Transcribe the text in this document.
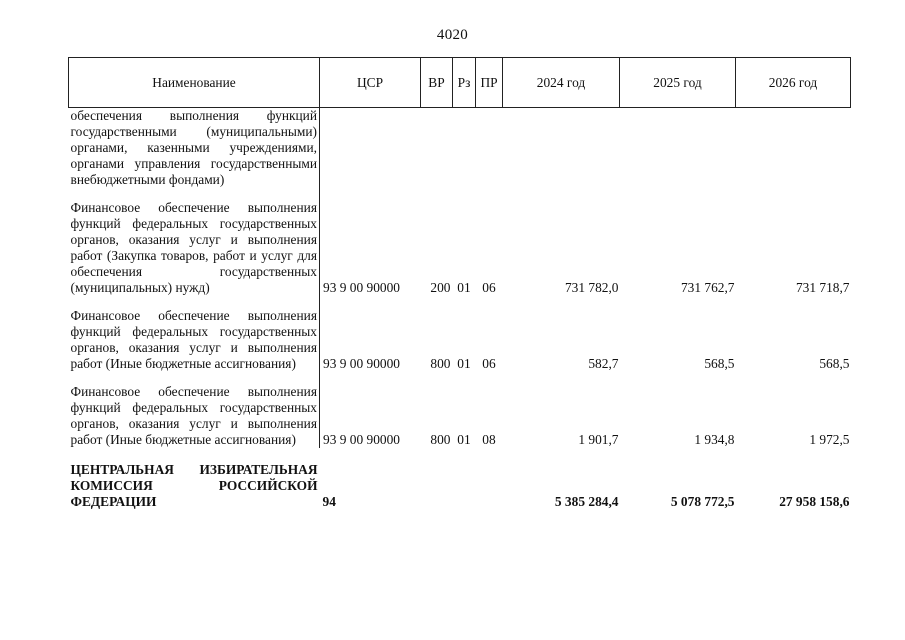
4020
Наименование	ЦСР	ВР	Рз	ПР	2024 год	2025 год	2026 год
обеспечения выполнения функций государственными (муниципальными) органами, казенными учреждениями, органами управления государственными внебюджетными фондами)							
Финансовое обеспечение выполнения функций федеральных государственных органов, оказания услуг и выполнения работ (Закупка товаров, работ и услуг для обеспечения государственных (муниципальных) нужд)	93 9 00 90000	200	01	06	731 782,0	731 762,7	731 718,7
Финансовое обеспечение выполнения функций федеральных государственных органов, оказания услуг и выполнения работ (Иные бюджетные ассигнования)	93 9 00 90000	800	01	06	582,7	568,5	568,5
Финансовое обеспечение выполнения функций федеральных государственных органов, оказания услуг и выполнения работ (Иные бюджетные ассигнования)	93 9 00 90000	800	01	08	1 901,7	1 934,8	1 972,5
ЦЕНТРАЛЬНАЯ ИЗБИРАТЕЛЬНАЯ КОМИССИЯ РОССИЙСКОЙ ФЕДЕРАЦИИ	94				5 385 284,4	5 078 772,5	27 958 158,6
